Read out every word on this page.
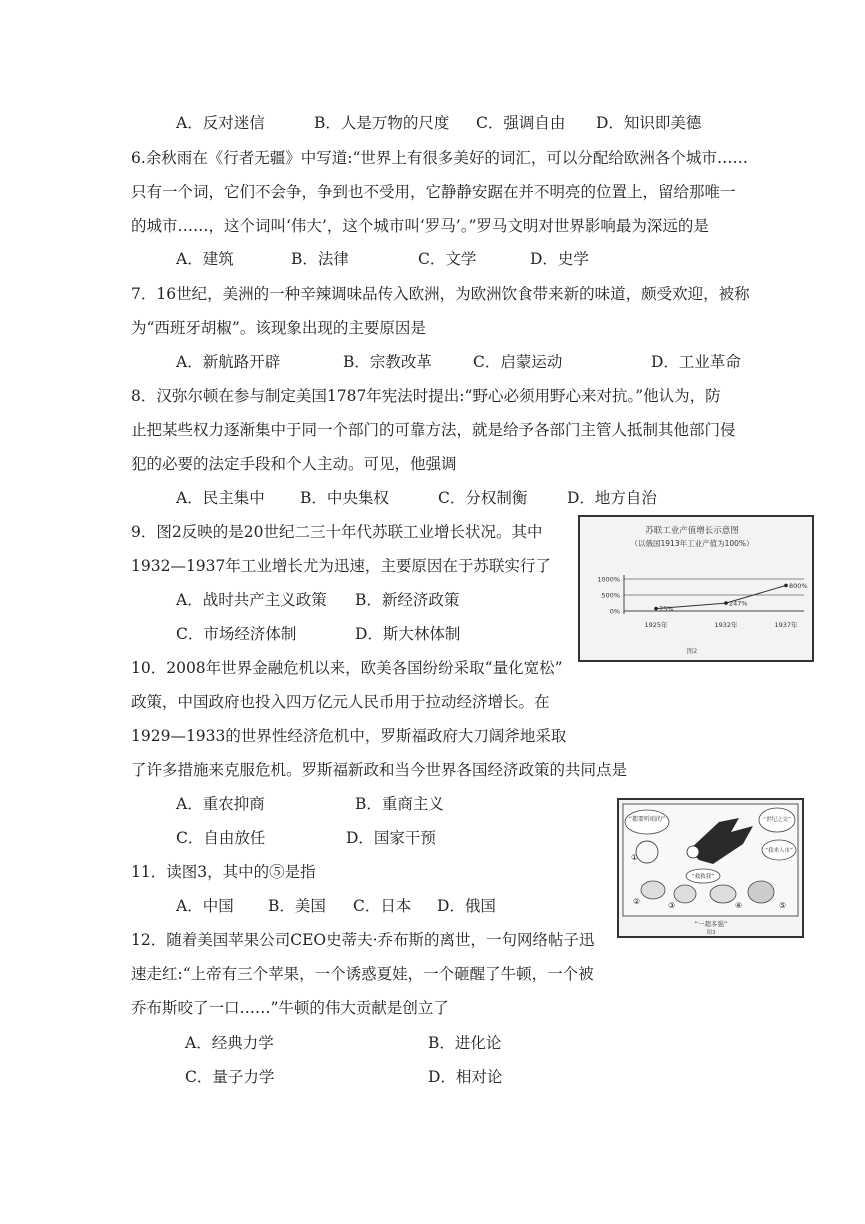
A．反对迷信	B．人是万物的尺度 C．强调自由 D．知识即美德
6.余秋雨在《行者无疆》中写道:“世界上有很多美好的词汇，可以分配给欧洲各个城市……
只有一个词，它们不会争，争到也不受用，它静静安踞在并不明亮的位置上，留给那唯一
的城市……，这个词叫‘伟大’，这个城市叫‘罗马’。”罗马文明对世界影响最为深远的是
A．建筑	B．法律	C．文学	D．史学
7．16世纪，美洲的一种辛辣调味品传入欧洲，为欧洲饮食带来新的味道，颇受欢迎，被称
为“西班牙胡椒”。该现象出现的主要原因是
A．新航路开辟	B．宗教改革	C．启蒙运动	D．工业革命
8．汉弥尔顿在参与制定美国1787年宪法时提出:“野心必须用野心来对抗。”他认为，防
止把某些权力逐渐集中于同一个部门的可靠方法，就是给予各部门主管人抵制其他部门侵
犯的必要的法定手段和个人主动。可见，他强调
A．民主集中 B．中央集权	C．分权制衡	D．地方自治
9．图2反映的是20世纪二三十年代苏联工业增长状况。其中
1932—1937年工业增长尤为迅速，主要原因在于苏联实行了
A．战时共产主义政策 B．新经济政策
C．市场经济体制	D．斯大林体制
苏联工业产值增长示意图
（以俄国1913年工业产值为100%）
1000%
500%
0%	75%
1925年
247%
1932年
800%
1937年
图2
10．2008年世界金融危机以来，欧美各国纷纷采取“量化宽松”
政策，中国政府也投入四万亿元人民币用于拉动经济增长。在
1929—1933的世界性经济危机中，罗斯福政府大刀阔斧地采取
了许多措施来克服危机。罗斯福新政和当今世界各国经济政策的共同点是
A．重农抑商	B．重商主义
C．自由放任	D．国家干预
“都要听咱的”	“世纪之交”
“我来人市”
“救救我”
①
②	③	④	⑤
“一超多强”
图3
11．读图3，其中的⑤是指
A．中国 B．美国 C．日本 D．俄国
12．随着美国苹果公司CEO史蒂夫·乔布斯的离世，一句网络帖子迅
速走红:“上帝有三个苹果，一个诱惑夏娃，一个砸醒了牛顿，一个被
乔布斯咬了一口……”牛顿的伟大贡献是创立了
A．经典力学	B．进化论
C．量子力学	D．相对论
